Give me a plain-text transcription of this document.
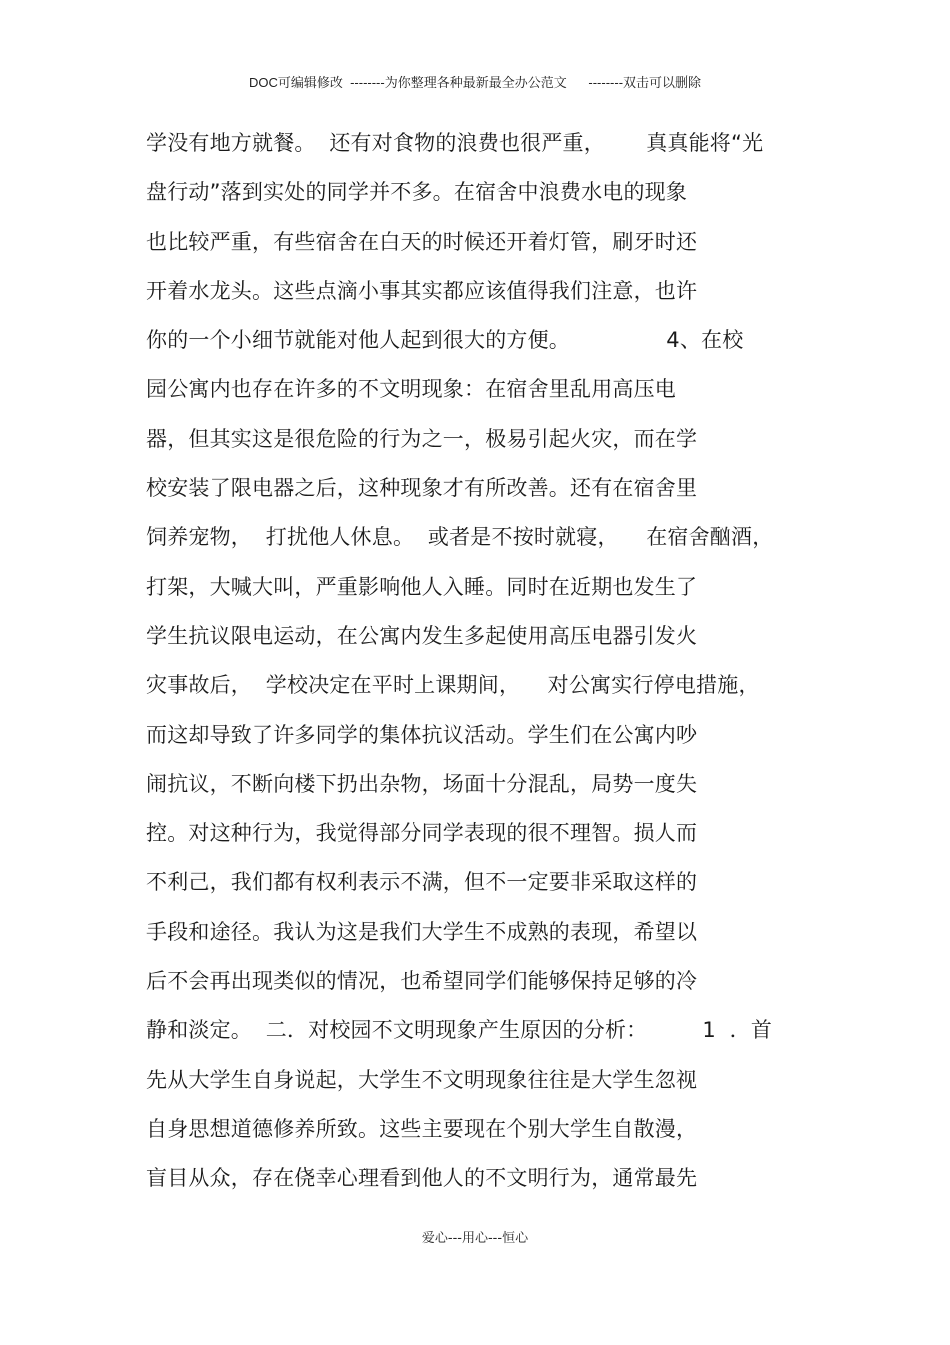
DOC可编辑修改  --------为你整理各种最新最全办公范文      --------双击可以删除
学没有地方就餐。  还有对食物的浪费也很严重，      真真能将“光
盘行动”落到实处的同学并不多。在宿舍中浪费水电的现象
也比较严重，有些宿舍在白天的时候还开着灯管，刷牙时还
开着水龙头。这些点滴小事其实都应该值得我们注意，也许
你的一个小细节就能对他人起到很大的方便。              4、在校
园公寓内也存在许多的不文明现象：在宿舍里乱用高压电
器，但其实这是很危险的行为之一，极易引起火灾，而在学
校安装了限电器之后，这种现象才有所改善。还有在宿舍里
饲养宠物，  打扰他人休息。  或者是不按时就寝，    在宿舍酗酒，
打架，大喊大叫，严重影响他人入睡。同时在近期也发生了
学生抗议限电运动，在公寓内发生多起使用高压电器引发火
灾事故后，  学校决定在平时上课期间，    对公寓实行停电措施，
而这却导致了许多同学的集体抗议活动。学生们在公寓内吵
闹抗议，不断向楼下扔出杂物，场面十分混乱，局势一度失
控。对这种行为，我觉得部分同学表现的很不理智。损人而
不利己，我们都有权利表示不满，但不一定要非采取这样的
手段和途径。我认为这是我们大学生不成熟的表现，希望以
后不会再出现类似的情况，也希望同学们能够保持足够的冷
静和淡定。  二．对校园不文明现象产生原因的分析：        1  ．首
先从大学生自身说起，大学生不文明现象往往是大学生忽视
自身思想道德修养所致。这些主要现在个别大学生自散漫，
盲目从众，存在侥幸心理看到他人的不文明行为，通常最先
爱心---用心---恒心
